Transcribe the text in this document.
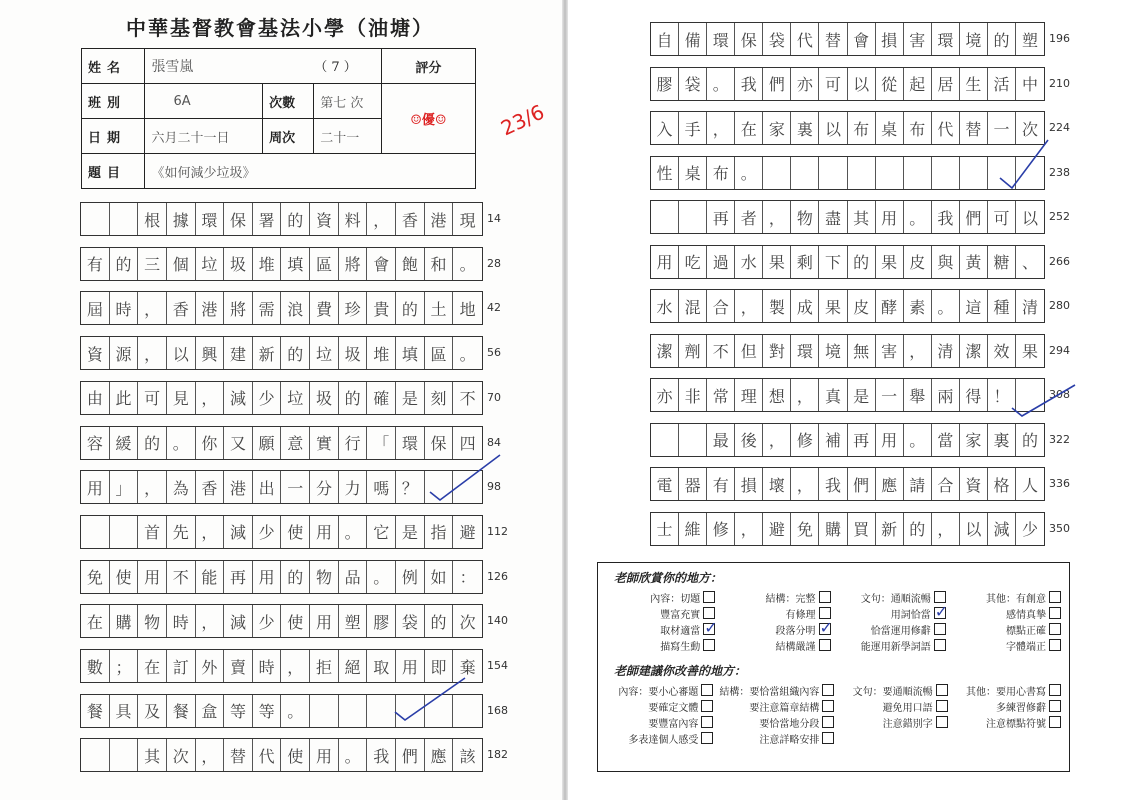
中華基督教會基法小學（油塘）
姓名	張雪嵐 （ 7 ）			評分
班別	6A	次數	第七 次	☺優☺
日期	六月二十一日	周次	二十一	
題目	《如何減少垃圾》			
23/6
根 據 環 保 署 的 資 料 ， 香 港 現	14
有 的 三 個 垃 圾 堆 填 區 將 會 飽 和 。	28
屆 時 ， 香 港 將 需 浪 費 珍 貴 的 土 地	42
資 源 ， 以 興 建 新 的 垃 圾 堆 填 區 。	56
由 此 可 見 ， 減 少 垃 圾 的 確 是 刻 不	70
容 緩 的 。 你 又 願 意 實 行 「 環 保 四	84
用 」 ， 為 香 港 出 一 分 力 嗎 ？	98
首 先 ， 減 少 使 用 。 它 是 指 避	112
免 使 用 不 能 再 用 的 物 品 。 例 如 ：	126
在 購 物 時 ， 減 少 使 用 塑 膠 袋 的 次	140
數 ； 在 訂 外 賣 時 ， 拒 絕 取 用 即 棄	154
餐 具 及 餐 盒 等 等 。	168
其 次 ， 替 代 使 用 。 我 們 應 該	182
自 備 環 保 袋 代 替 會 損 害 環 境 的 塑 196
膠 袋 。 我 們 亦 可 以 從 起 居 生 活 中 210
入 手 ， 在 家 裏 以 布 桌 布 代 替 一 次 224
性 桌 布 。	238
再 者 ， 物 盡 其 用 。 我 們 可 以 252
用 吃 過 水 果 剩 下 的 果 皮 與 黃 糖 、 266
水 混 合 ， 製 成 果 皮 酵 素 。 這 種 清 280
潔 劑 不 但 對 環 境 無 害 ， 清 潔 效 果 294
亦 非 常 理 想 ， 真 是 一 舉 兩 得 ！	308
最 後 ， 修 補 再 用 。 當 家 裏 的 322
電 器 有 損 壞 ， 我 們 應 請 合 資 格 人 336
士 維 修 ， 避 免 購 買 新 的 ， 以 減 少 350
老師欣賞你的地方：
內容：切題	結構：完整	文句：通順流暢	其他：有創意
豐富充實	有條理	用詞恰當 ✓	感情真摯
取材適當 ✓	段落分明 ✓	恰當運用修辭	標點正確
描寫生動	結構嚴謹	能運用新學詞語	字體端正
老師建議你改善的地方：
內容：要小心審題 結構：要恰當組織內容	文句：要通順流暢	其他：要用心書寫
要確定文體	要注意篇章結構	避免用口語	多練習修辭
要豐富內容	要恰當地分段	注意錯別字	注意標點符號
多表達個人感受	注意詳略安排
